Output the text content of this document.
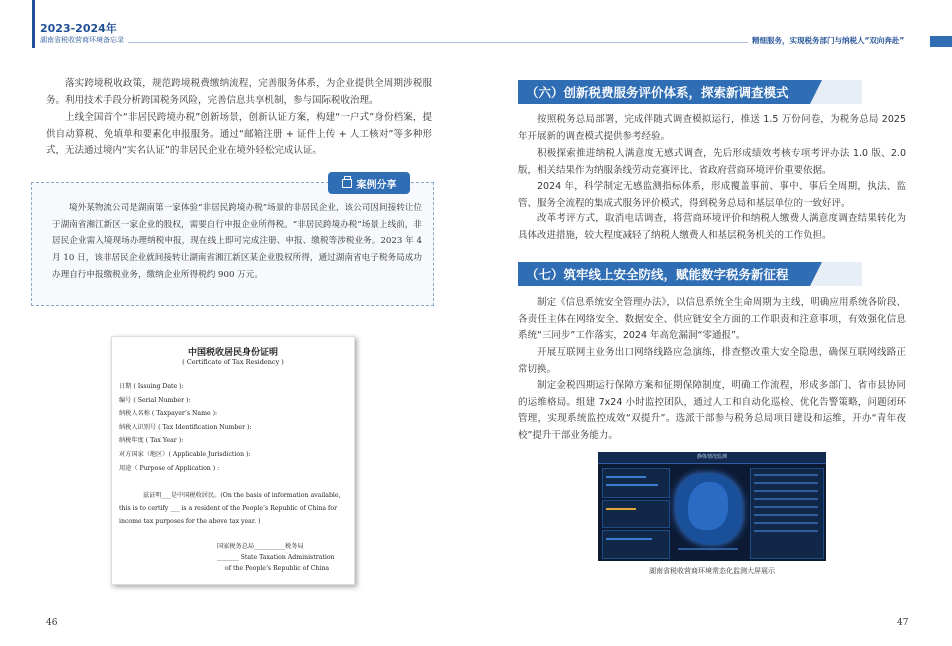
2023-2024年
湖南省税收营商环境备忘录	精细服务，实现税务部门与纳税人“双向奔赴”

落实跨境税收政策，规范跨境税费缴纳流程，完善服务体系，为企业提供全周期涉税服务。利用技术手段分析跨国税务风险，完善信息共享机制，参与国际税收治理。

上线全国首个“非居民跨境办税”创新场景，创新认证方案，构建“一户式”身份档案，提供自动算税、免填单和要素化申报服务。通过“邮箱注册 + 证件上传 + 人工核对”等多种形式，无法通过境内“实名认证”的非居民企业在境外轻松完成认证。

案例分享

境外某物流公司是湖南第一家体验“非居民跨境办税”场景的非居民企业，该公司因间接转让位于湖南省湘江新区一家企业的股权，需要自行申报企业所得税。“非居民跨境办税”场景上线前，非居民企业需入境现场办理纳税申报，现在线上即可完成注册、申报、缴税等涉税业务。2023 年 4 月 10 日，该非居民企业就间接转让湖南省湘江新区某企业股权所得，通过湖南省电子税务局成功办理自行申报缴税业务，缴纳企业所得税约 900 万元。

中国税收居民身份证明
( Certificate of Tax Residency )
日期 ( Issuing Date ):
编号 ( Serial Number ):
纳税人名称 ( Taxpayer’s Name ):
纳税人识别号 ( Tax Identification Number ):
纳税年度 ( Tax Year ):
对方国家（地区）( Applicable Jurisdiction ):
用途（ Purpose of Application ) :

兹证明___是中国税收居民。(On the basis of information available,

this is to certify ___ is a resident of the People’s Republic of China for

income tax purposes for the above tax year. )

国家税务总局__________税务局

_______ State Taxation Administration

of the People’s Republic of China

46
（六）创新税费服务评价体系，探索新调查模式

按照税务总局部署，完成伴随式调查模拟运行，推送 1.5 万份问卷，为税务总局 2025 年开展新的调查模式提供参考经验。

积极探索推进纳税人满意度无感式调查，先后形成绩效考核专项考评办法 1.0 版、2.0 版，相关结果作为纳服条线劳动竞赛评比、省政府营商环境评价重要依据。

2024 年，科学制定无感监测指标体系，形成覆盖事前、事中、事后全周期，执法、监管、服务全流程的集成式服务评价模式，得到税务总局和基层单位的一致好评。

改革考评方式，取消电话调查，将营商环境评价和纳税人缴费人满意度调查结果转化为具体改进措施，较大程度减轻了纳税人缴费人和基层税务机关的工作负担。

（七）筑牢线上安全防线，赋能数字税务新征程

制定《信息系统安全管理办法》，以信息系统全生命周期为主线，明确应用系统各阶段、各责任主体在网络安全、数据安全、供应链安全方面的工作职责和注意事项，有效强化信息系统“三同步”工作落实，2024 年高危漏洞“零通报”。

开展互联网主业务出口网络线路应急演练，排查整改重大安全隐患，确保互联网线路正常切换。

制定金税四期运行保障方案和征期保障制度，明确工作流程，形成多部门、省市县协同的运维格局。组建 7x24 小时监控团队，通过人工和自动化巡检、优化告警策略，问题闭环管理，实现系统监控成效“双提升”。选派干部参与税务总局项目建设和运维，开办“青年夜校”提升干部业务能力。

静体情况监测
湖南省税收营商环境常态化监测大屏展示
47
